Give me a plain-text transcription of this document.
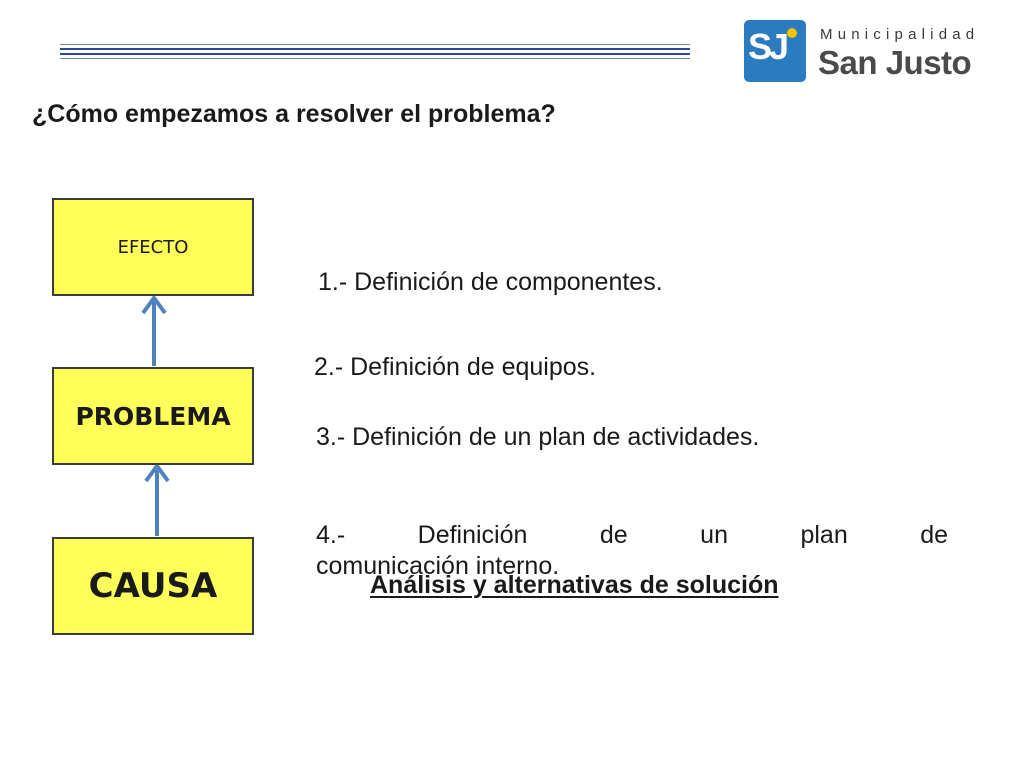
SJ Municipalidad
San Justo
¿Cómo empezamos a resolver el problema?
EFECTO
PROBLEMA
CAUSA
1.- Definición de componentes.
2.- Definición de equipos.
3.- Definición de un plan de actividades.
4.- Definición de un plan de
comunicación interno.
Análisis y alternativas de solución
